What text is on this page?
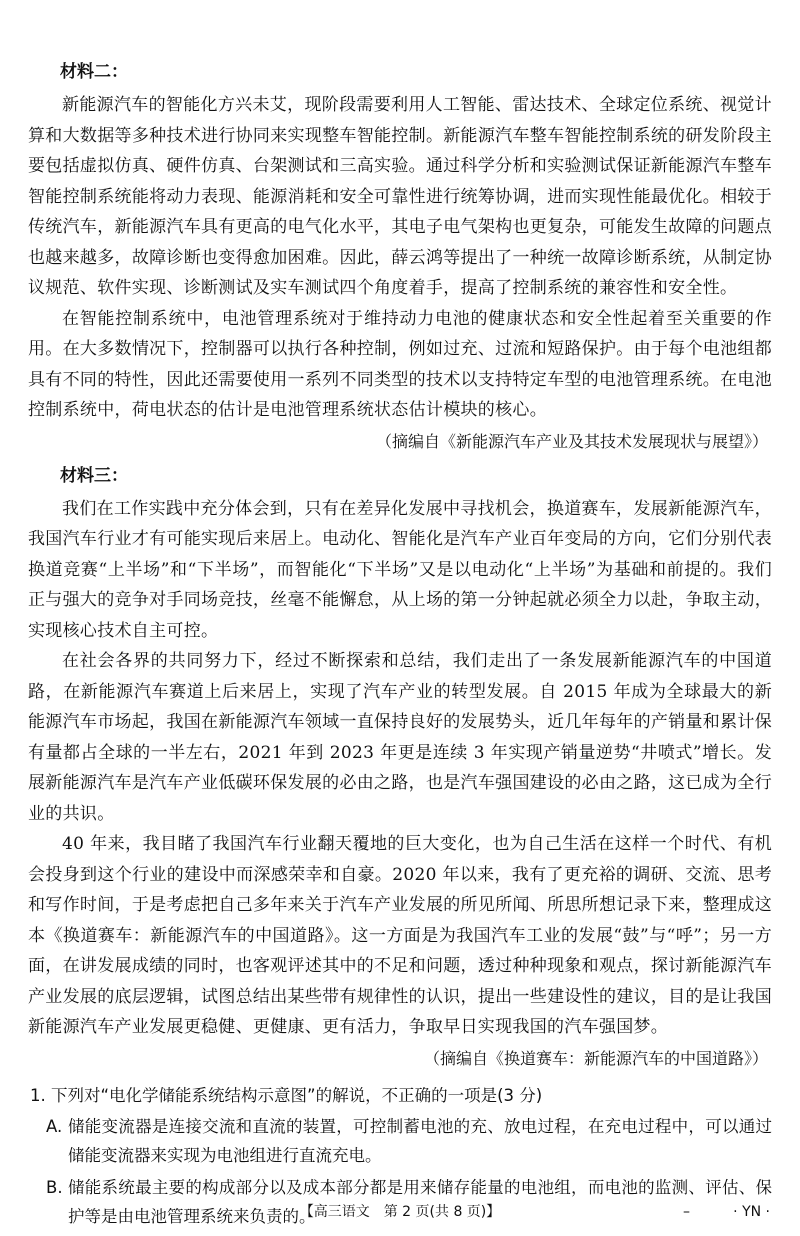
材料二：

新能源汽车的智能化方兴未艾，现阶段需要利用人工智能、雷达技术、全球定位系统、视觉计算和大数据等多种技术进行协同来实现整车智能控制。新能源汽车整车智能控制系统的研发阶段主要包括虚拟仿真、硬件仿真、台架测试和三高实验。通过科学分析和实验测试保证新能源汽车整车智能控制系统能将动力表现、能源消耗和安全可靠性进行统筹协调，进而实现性能最优化。相较于传统汽车，新能源汽车具有更高的电气化水平，其电子电气架构也更复杂，可能发生故障的问题点也越来越多，故障诊断也变得愈加困难。因此，薛云鸿等提出了一种统一故障诊断系统，从制定协议规范、软件实现、诊断测试及实车测试四个角度着手，提高了控制系统的兼容性和安全性。

在智能控制系统中，电池管理系统对于维持动力电池的健康状态和安全性起着至关重要的作用。在大多数情况下，控制器可以执行各种控制，例如过充、过流和短路保护。由于每个电池组都具有不同的特性，因此还需要使用一系列不同类型的技术以支持特定车型的电池管理系统。在电池控制系统中，荷电状态的估计是电池管理系统状态估计模块的核心。

（摘编自《新能源汽车产业及其技术发展现状与展望》）
材料三：

我们在工作实践中充分体会到，只有在差异化发展中寻找机会，换道赛车，发展新能源汽车，我国汽车行业才有可能实现后来居上。电动化、智能化是汽车产业百年变局的方向，它们分别代表换道竞赛“上半场”和“下半场”，而智能化“下半场”又是以电动化“上半场”为基础和前提的。我们正与强大的竞争对手同场竞技，丝毫不能懈怠，从上场的第一分钟起就必须全力以赴，争取主动，实现核心技术自主可控。

在社会各界的共同努力下，经过不断探索和总结，我们走出了一条发展新能源汽车的中国道路，在新能源汽车赛道上后来居上，实现了汽车产业的转型发展。自 2015 年成为全球最大的新能源汽车市场起，我国在新能源汽车领域一直保持良好的发展势头，近几年每年的产销量和累计保有量都占全球的一半左右，2021 年到 2023 年更是连续 3 年实现产销量逆势“井喷式”增长。发展新能源汽车是汽车产业低碳环保发展的必由之路，也是汽车强国建设的必由之路，这已成为全行业的共识。

40 年来，我目睹了我国汽车行业翻天覆地的巨大变化，也为自己生活在这样一个时代、有机会投身到这个行业的建设中而深感荣幸和自豪。2020 年以来，我有了更充裕的调研、交流、思考和写作时间，于是考虑把自己多年来关于汽车产业发展的所见所闻、所思所想记录下来，整理成这本《换道赛车：新能源汽车的中国道路》。这一方面是为我国汽车工业的发展“鼓”与“呼”；另一方面，在讲发展成绩的同时，也客观评述其中的不足和问题，透过种种现象和观点，探讨新能源汽车产业发展的底层逻辑，试图总结出某些带有规律性的认识，提出一些建设性的建议，目的是让我国新能源汽车产业发展更稳健、更健康、更有活力，争取早日实现我国的汽车强国梦。

（摘编自《换道赛车：新能源汽车的中国道路》）
1. 下列对“电化学储能系统结构示意图”的解说，不正确的一项是(3 分)
A. 储能变流器是连接交流和直流的装置，可控制蓄电池的充、放电过程，在充电过程中，可以通过储能变流器来实现为电池组进行直流充电。
B. 储能系统最主要的构成部分以及成本部分都是用来储存能量的电池组，而电池的监测、评估、保护等是由电池管理系统来负责的。
【高三语文　第 2 页(共 8 页)】	–	· YN ·
